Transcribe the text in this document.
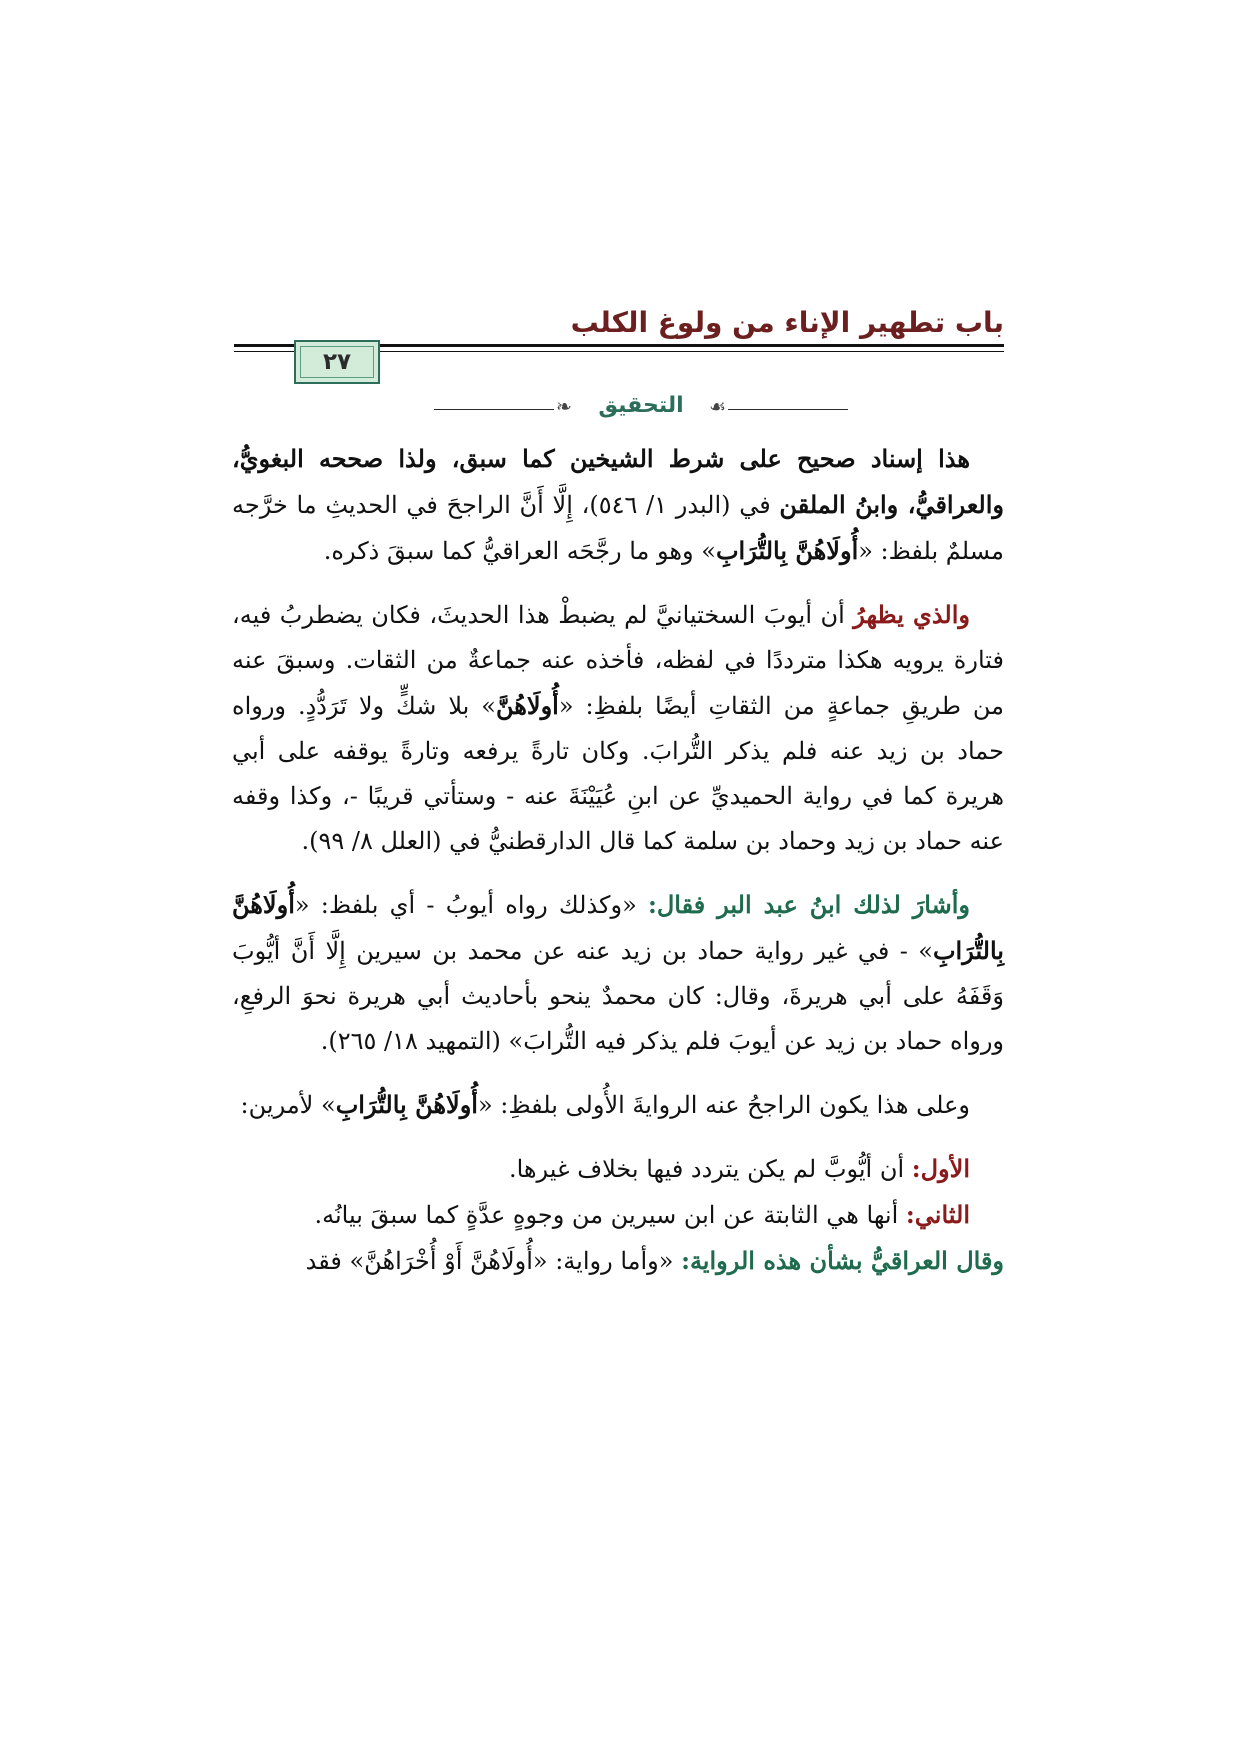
باب تطهير الإناء من ولوغ الكلب
٢٧
❧	التحقيق	☙

هذا إسناد صحيح على شرط الشيخين كما سبق، ولذا صححه البغويُّ، والعراقيُّ، وابنُ الملقن في (البدر ١/ ٥٤٦)، إِلَّا أَنَّ الراجحَ في الحديثِ ما خرَّجه مسلمٌ بلفظ: «أُولَاهُنَّ بِالتُّرَابِ» وهو ما رجَّحَه العراقيُّ كما سبقَ ذكره.

والذي يظهرُ أن أيوبَ السختيانيَّ لم يضبطْ هذا الحديثَ، فكان يضطربُ فيه، فتارة يرويه هكذا مترددًا في لفظه، فأخذه عنه جماعةٌ من الثقات. وسبقَ عنه من طريقِ جماعةٍ من الثقاتِ أيضًا بلفظِ: «أُولَاهُنَّ» بلا شكٍّ ولا تَرَدُّدٍ. ورواه حماد بن زيد عنه فلم يذكر التُّرابَ. وكان تارةً يرفعه وتارةً يوقفه على أبي هريرة كما في رواية الحميديِّ عن ابنِ عُيَيْنَةَ عنه - وستأتي قريبًا -، وكذا وقفه عنه حماد بن زيد وحماد بن سلمة كما قال الدارقطنيُّ في (العلل ٨/ ٩٩).

وأشارَ لذلك ابنُ عبد البر فقال: «وكذلك رواه أيوبُ - أي بلفظ: «أُولَاهُنَّ بِالتُّرَابِ» - في غير رواية حماد بن زيد عنه عن محمد بن سيرين إِلَّا أَنَّ أيُّوبَ وَقَفَهُ على أبي هريرةَ، وقال: كان محمدٌ ينحو بأحاديث أبي هريرة نحوَ الرفعِ، ورواه حماد بن زيد عن أيوبَ فلم يذكر فيه التُّرابَ» (التمهيد ١٨/ ٢٦٥).

وعلى هذا يكون الراجحُ عنه الروايةَ الأُولى بلفظِ: «أُولَاهُنَّ بِالتُّرَابِ» لأمرين:

الأول: أن أيُّوبَّ لم يكن يتردد فيها بخلاف غيرها.

الثاني: أنها هي الثابتة عن ابن سيرين من وجوهٍ عدَّةٍ كما سبقَ بيانُه.

وقال العراقيُّ بشأن هذه الرواية: «وأما رواية: «أُولَاهُنَّ أَوْ أُخْرَاهُنَّ» فقد
